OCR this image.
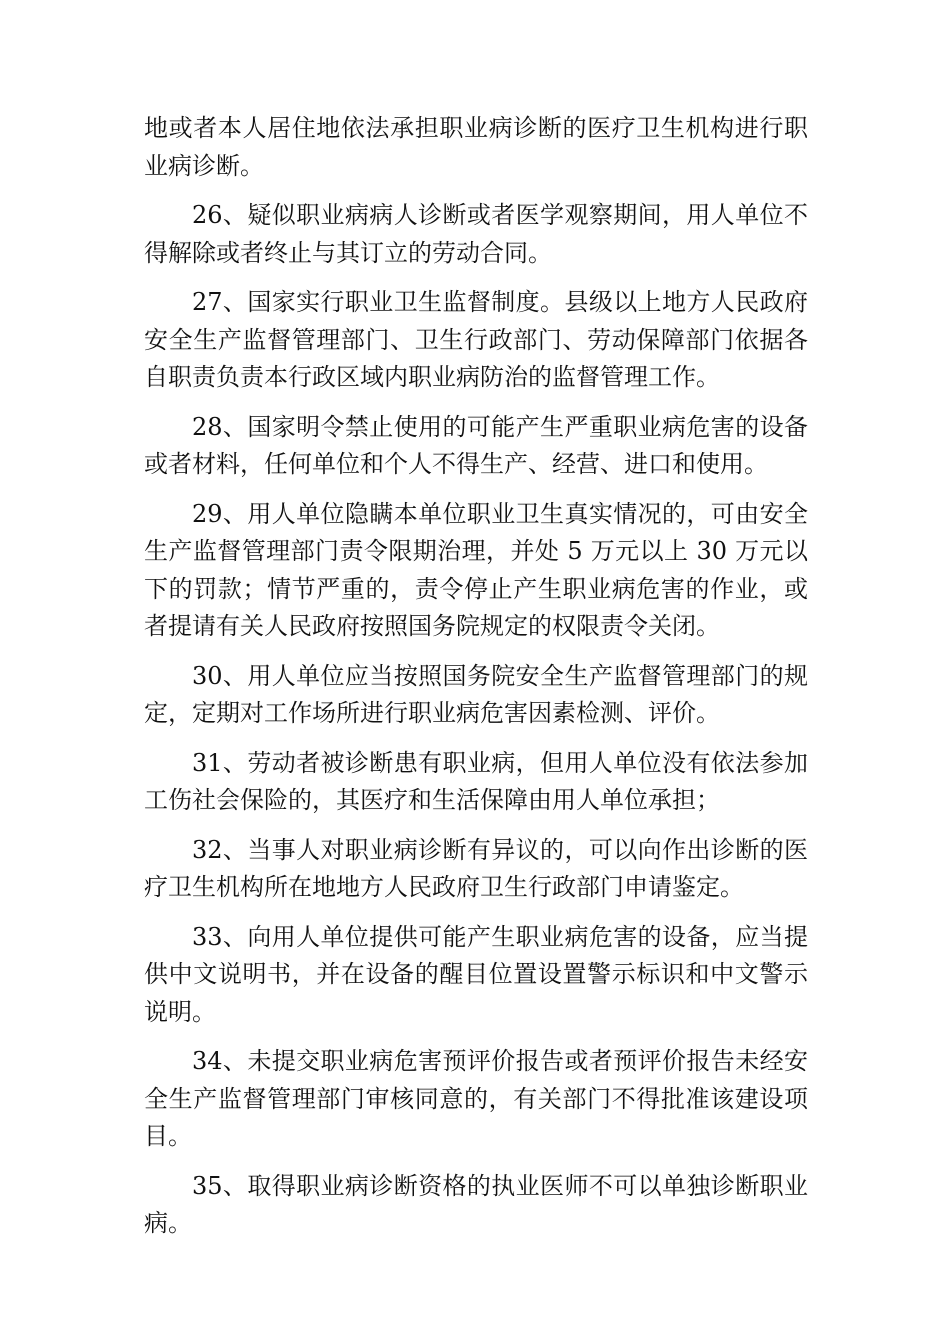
地或者本人居住地依法承担职业病诊断的医疗卫生机构进行职业病诊断。

26、疑似职业病病人诊断或者医学观察期间，用人单位不得解除或者终止与其订立的劳动合同。

27、国家实行职业卫生监督制度。县级以上地方人民政府安全生产监督管理部门、卫生行政部门、劳动保障部门依据各自职责负责本行政区域内职业病防治的监督管理工作。

28、国家明令禁止使用的可能产生严重职业病危害的设备或者材料，任何单位和个人不得生产、经营、进口和使用。

29、用人单位隐瞒本单位职业卫生真实情况的，可由安全生产监督管理部门责令限期治理，并处 5 万元以上 30 万元以下的罚款；情节严重的，责令停止产生职业病危害的作业，或者提请有关人民政府按照国务院规定的权限责令关闭。

30、用人单位应当按照国务院安全生产监督管理部门的规定，定期对工作场所进行职业病危害因素检测、评价。

31、劳动者被诊断患有职业病，但用人单位没有依法参加工伤社会保险的，其医疗和生活保障由用人单位承担；

32、当事人对职业病诊断有异议的，可以向作出诊断的医疗卫生机构所在地地方人民政府卫生行政部门申请鉴定。

33、向用人单位提供可能产生职业病危害的设备，应当提供中文说明书，并在设备的醒目位置设置警示标识和中文警示说明。

34、未提交职业病危害预评价报告或者预评价报告未经安全生产监督管理部门审核同意的，有关部门不得批准该建设项目。

35、取得职业病诊断资格的执业医师不可以单独诊断职业病。
